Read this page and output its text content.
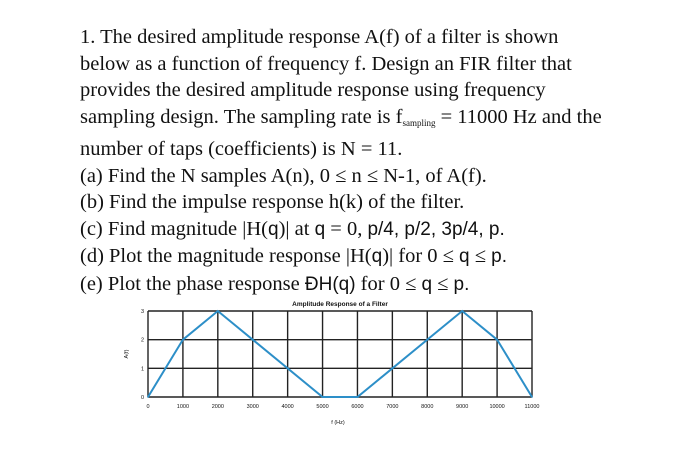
1. The desired amplitude response A(f) of a filter is shown
below as a function of frequency f. Design an FIR filter that
provides the desired amplitude response using frequency
sampling design. The sampling rate is $f_{sampling} = 11000$ Hz and the
number of taps (coefficients) is N = 11.
(a) Find the N samples A(n), 0 ≤ n ≤ N-1, of A(f).
(b) Find the impulse response h(k) of the filter.
(c) Find magnitude |H(q)| at q = 0, p/4, p/2, 3p/4, p.
(d) Plot the magnitude response |H(q)| for 0 ≤ q ≤ p.
(e) Plot the phase response ĐH(q) for 0 ≤ q ≤ p.
Amplitude Response of a Filter
0	1000	2000	3000	4000	5000	6000	7000	8000	9000	10000	11000
0
1
2
3
f (Hz)
A(f)
